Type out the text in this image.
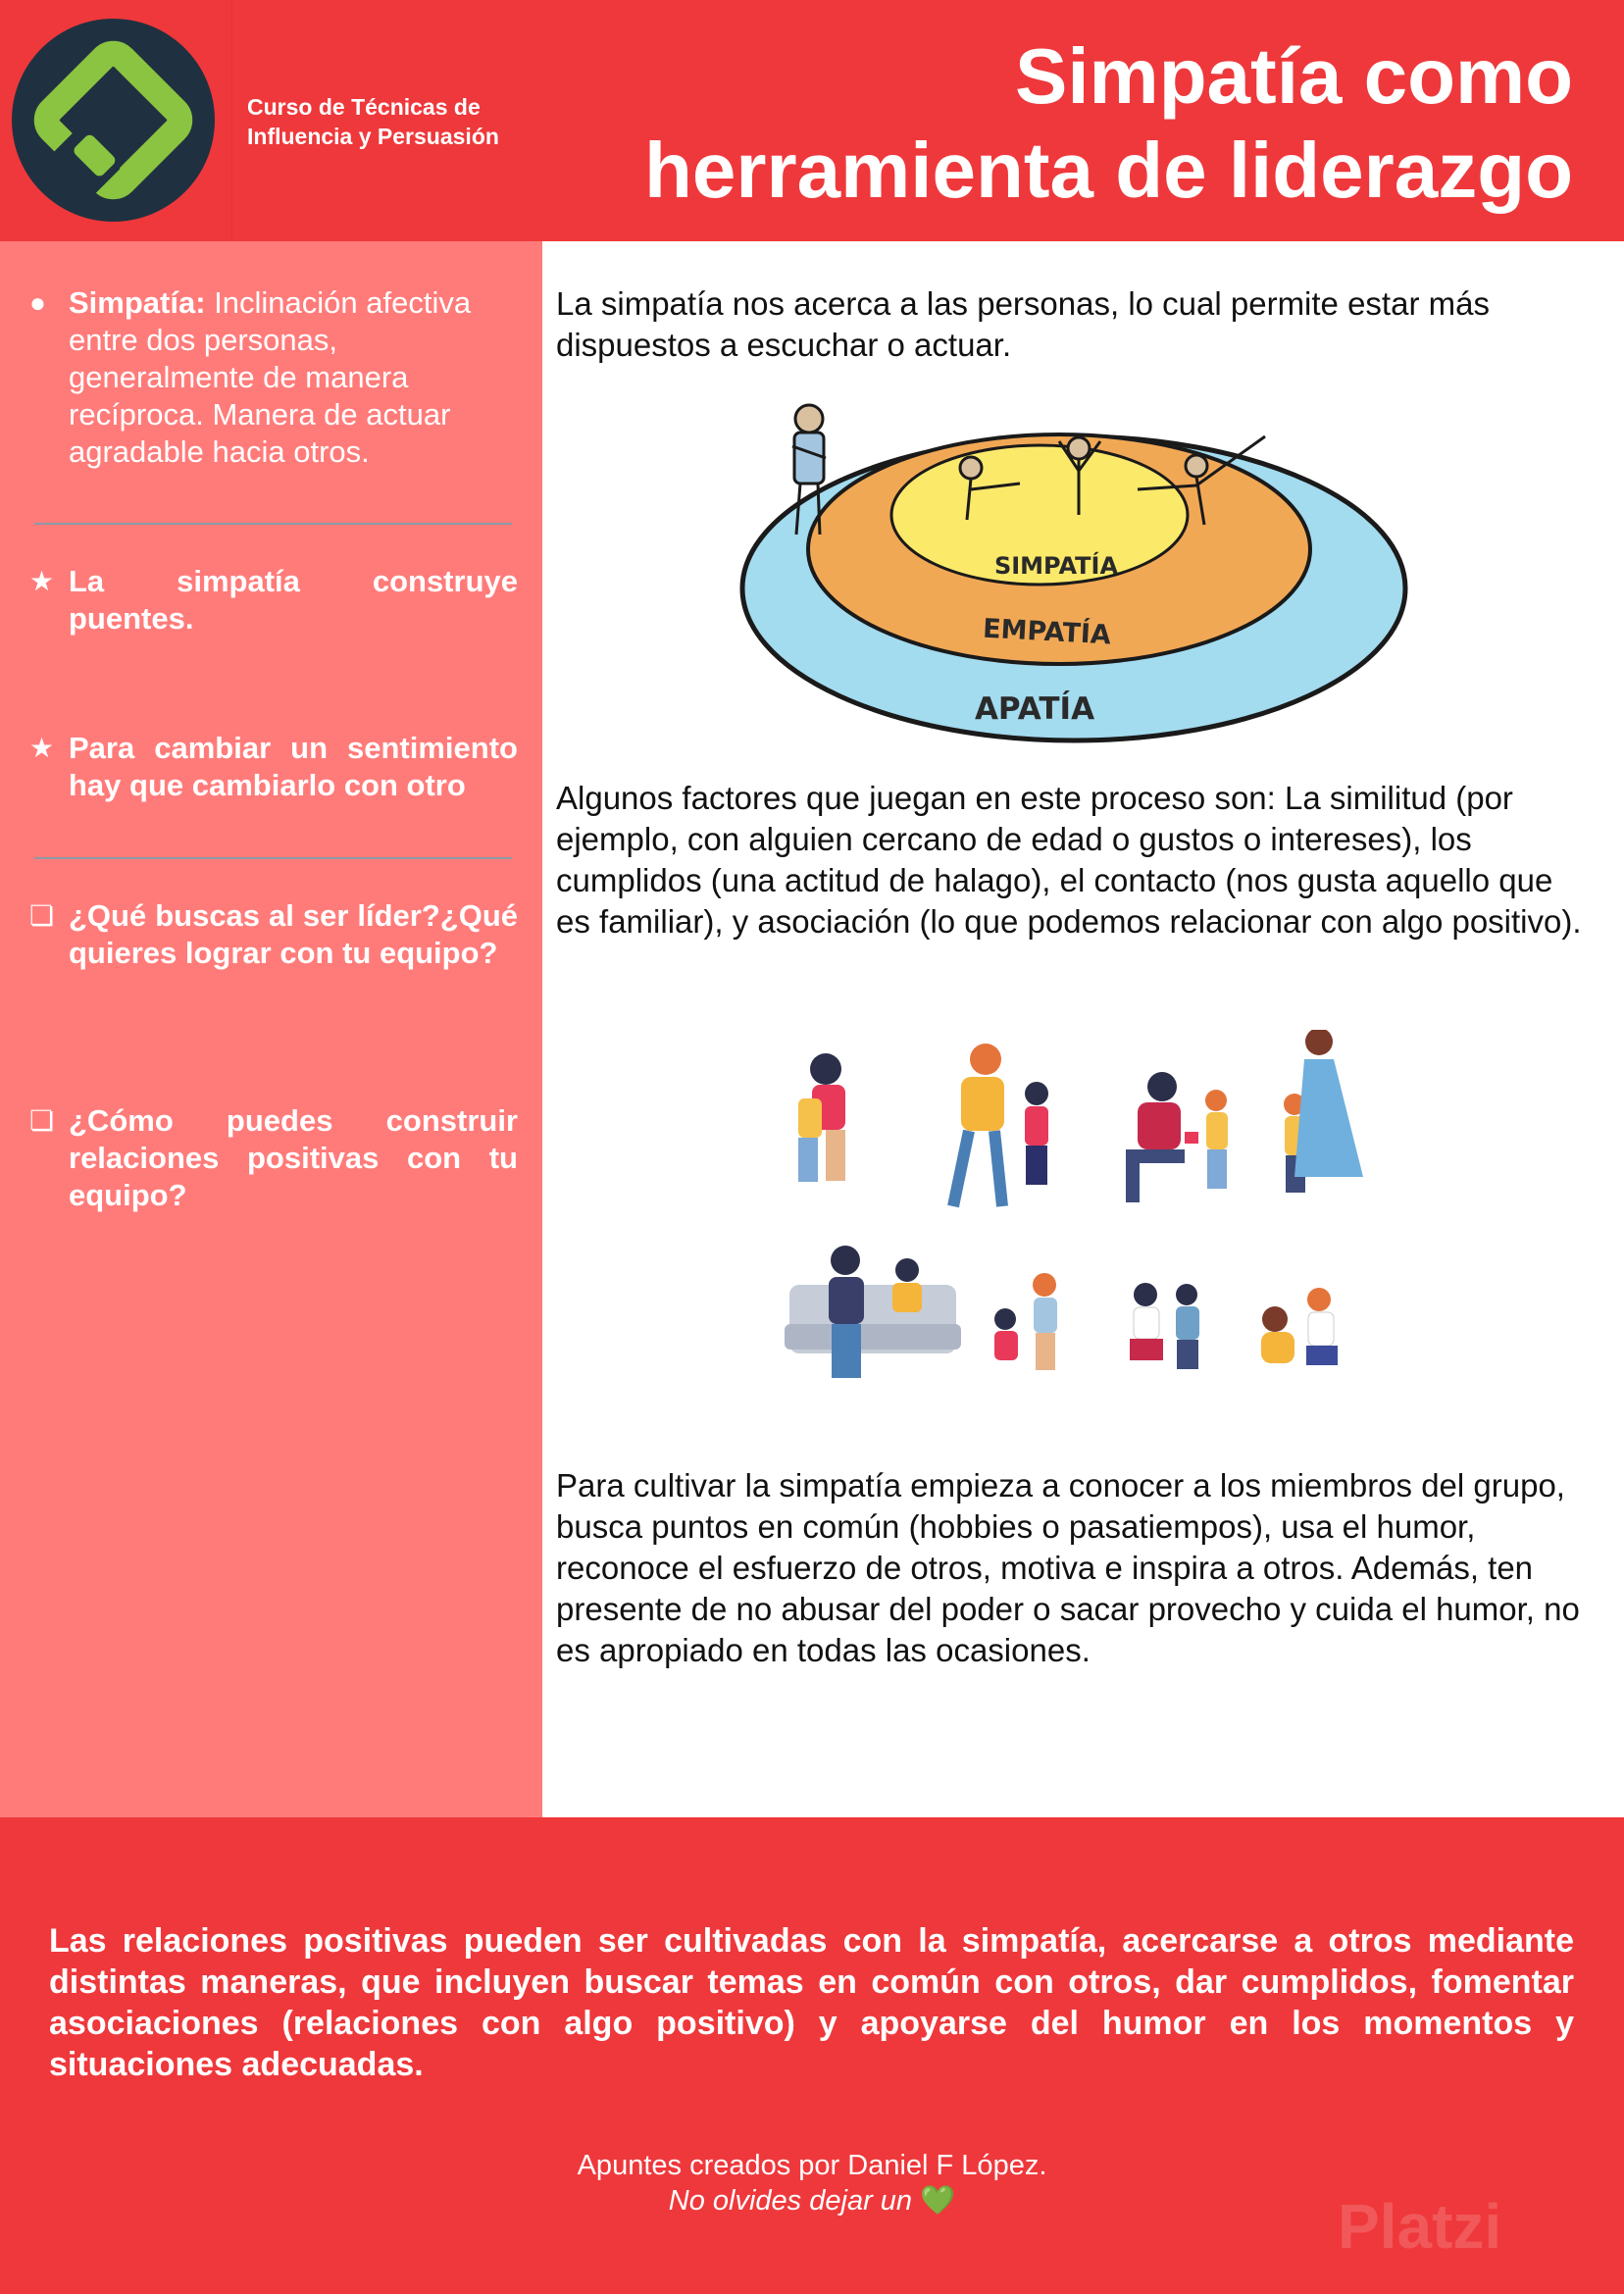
Curso de Técnicas de
Influencia y Persuasión
Simpatía como
herramienta de liderazgo
● Simpatía: Inclinación afectiva entre dos personas, generalmente de manera recíproca. Manera de actuar agradable hacia otros.
★ La simpatía construye puentes.
★ Para cambiar un sentimiento hay que cambiarlo con otro
❏ ¿Qué buscas al ser líder?¿Qué quieres lograr con tu equipo?
❏ ¿Cómo puedes construir relaciones positivas con tu equipo?
La simpatía nos acerca a las personas, lo cual permite estar más dispuestos a escuchar o actuar.
SIMPATÍA
EMPATÍA
APATÍA
Algunos factores que juegan en este proceso son: La similitud (por ejemplo, con alguien cercano de edad o gustos o intereses), los cumplidos (una actitud de halago), el contacto (nos gusta aquello que es familiar), y asociación (lo que podemos relacionar con algo positivo).
Para cultivar la simpatía empieza a conocer a los miembros del grupo, busca puntos en común (hobbies o pasatiempos), usa el humor, reconoce el esfuerzo de otros, motiva e inspira a otros. Además, ten presente de no abusar del poder o sacar provecho y cuida el humor, no es apropiado en todas las ocasiones.
Las relaciones positivas pueden ser cultivadas con la simpatía, acercarse a otros mediante distintas maneras, que incluyen buscar temas en común con otros, dar cumplidos, fomentar asociaciones (relaciones con algo positivo) y apoyarse del humor en los momentos y situaciones adecuadas.
Apuntes creados por Daniel F López.
No olvides dejar un 💚	Platzi
